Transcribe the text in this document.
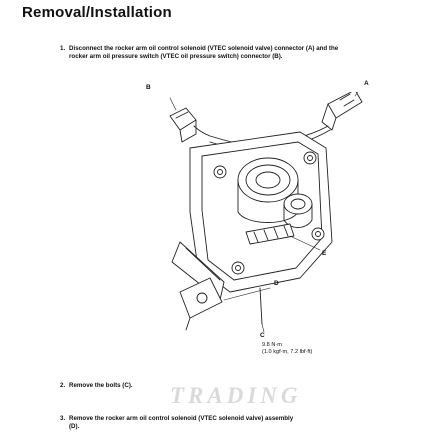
Removal/Installation
1. Disconnect the rocker arm oil control solenoid (VTEC solenoid valve) connector (A) and the rocker arm oil pressure switch (VTEC oil pressure switch) connector (B).
B
A
E
D
C
9.8 N·m
(1.0 kgf·m, 7.2 lbf·ft)
TRADING
2. Remove the bolts (C).
3. Remove the rocker arm oil control solenoid (VTEC solenoid valve) assembly (D).
